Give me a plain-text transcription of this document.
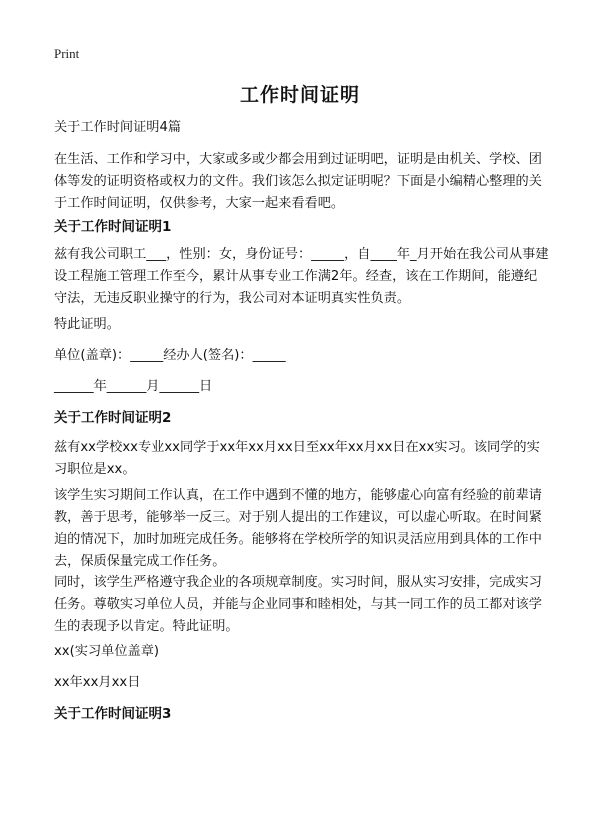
Print
工作时间证明

关于工作时间证明4篇

在生活、工作和学习中，大家或多或少都会用到过证明吧，证明是由机关、学校、团体等发的证明资格或权力的文件。我们该怎么拟定证明呢？下面是小编精心整理的关于工作时间证明，仅供参考，大家一起来看看吧。

关于工作时间证明1

兹有我公司职工___，性别：女，身份证号：_____，自____年_月开始在我公司从事建设工程施工管理工作至今，累计从事专业工作满2年。经查，该在工作期间，能遵纪守法，无违反职业操守的行为，我公司对本证明真实性负责。

特此证明。

单位(盖章)：_____经办人(签名)：_____

______年______月______日

关于工作时间证明2

兹有xx学校xx专业xx同学于xx年xx月xx日至xx年xx月xx日在xx实习。该同学的实习职位是xx。

该学生实习期间工作认真，在工作中遇到不懂的地方，能够虚心向富有经验的前辈请教，善于思考，能够举一反三。对于别人提出的工作建议，可以虚心听取。在时间紧迫的情况下，加时加班完成任务。能够将在学校所学的知识灵活应用到具体的工作中去，保质保量完成工作任务。

同时，该学生严格遵守我企业的各项规章制度。实习时间，服从实习安排，完成实习任务。尊敬实习单位人员，并能与企业同事和睦相处，与其一同工作的员工都对该学生的表现予以肯定。特此证明。

xx(实习单位盖章)

xx年xx月xx日

关于工作时间证明3
